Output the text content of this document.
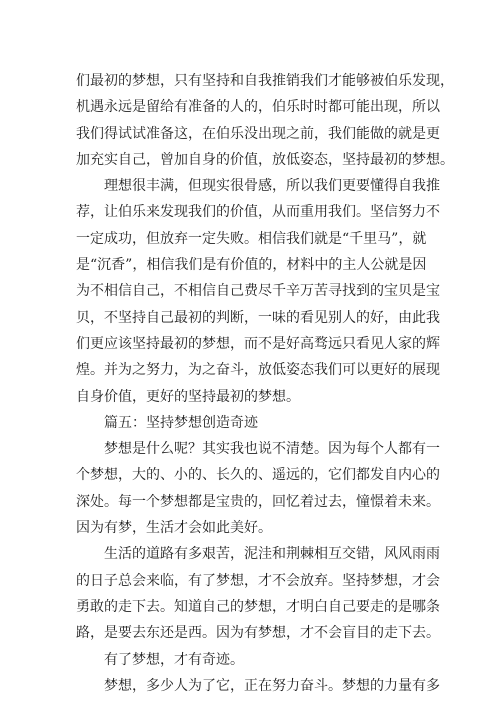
们最初的梦想，只有坚持和自我推销我们才能够被伯乐发现，
机遇永远是留给有准备的人的，伯乐时时都可能出现，所以
我们得试试准备这，在伯乐没出现之前，我们能做的就是更
加充实自己，曾加自身的价值，放低姿态，坚持最初的梦想。
理想很丰满，但现实很骨感，所以我们更要懂得自我推
荐，让伯乐来发现我们的价值，从而重用我们。坚信努力不
一定成功，但放弃一定失败。相信我们就是“千里马”，就
是“沉香”，相信我们是有价值的，材料中的主人公就是因
为不相信自己，不相信自己费尽千辛万苦寻找到的宝贝是宝
贝，不坚持自己最初的判断，一味的看见别人的好，由此我
们更应该坚持最初的梦想，而不是好高骛远只看见人家的辉
煌。并为之努力，为之奋斗，放低姿态我们可以更好的展现
自身价值，更好的坚持最初的梦想。
篇五：坚持梦想创造奇迹
梦想是什么呢？其实我也说不清楚。因为每个人都有一
个梦想，大的、小的、长久的、遥远的，它们都发自内心的
深处。每一个梦想都是宝贵的，回忆着过去，憧憬着未来。
因为有梦，生活才会如此美好。
生活的道路有多艰苦，泥洼和荆棘相互交错，风风雨雨
的日子总会来临，有了梦想，才不会放弃。坚持梦想，才会
勇敢的走下去。知道自己的梦想，才明白自己要走的是哪条
路，是要去东还是西。因为有梦想，才不会盲目的走下去。
有了梦想，才有奇迹。
梦想，多少人为了它，正在努力奋斗。梦想的力量有多
